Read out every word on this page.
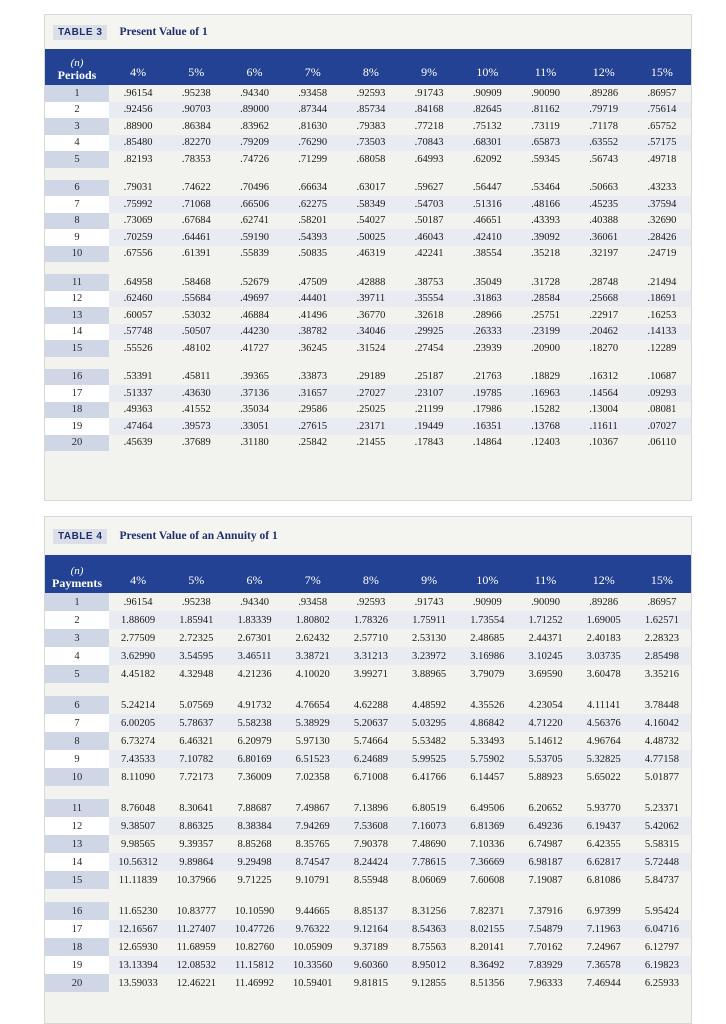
TABLE 3	Present Value of 1
(n)
Periods	4%	5%	6%	7%	8%	9%	10%	11%	12%	15%
1	.96154	.95238	.94340	.93458	.92593	.91743	.90909	.90090	.89286	.86957
2	.92456	.90703	.89000	.87344	.85734	.84168	.82645	.81162	.79719	.75614
3	.88900	.86384	.83962	.81630	.79383	.77218	.75132	.73119	.71178	.65752
4	.85480	.82270	.79209	.76290	.73503	.70843	.68301	.65873	.63552	.57175
5	.82193	.78353	.74726	.71299	.68058	.64993	.62092	.59345	.56743	.49718
6	.79031	.74622	.70496	.66634	.63017	.59627	.56447	.53464	.50663	.43233
7	.75992	.71068	.66506	.62275	.58349	.54703	.51316	.48166	.45235	.37594
8	.73069	.67684	.62741	.58201	.54027	.50187	.46651	.43393	.40388	.32690
9	.70259	.64461	.59190	.54393	.50025	.46043	.42410	.39092	.36061	.28426
10	.67556	.61391	.55839	.50835	.46319	.42241	.38554	.35218	.32197	.24719
11	.64958	.58468	.52679	.47509	.42888	.38753	.35049	.31728	.28748	.21494
12	.62460	.55684	.49697	.44401	.39711	.35554	.31863	.28584	.25668	.18691
13	.60057	.53032	.46884	.41496	.36770	.32618	.28966	.25751	.22917	.16253
14	.57748	.50507	.44230	.38782	.34046	.29925	.26333	.23199	.20462	.14133
15	.55526	.48102	.41727	.36245	.31524	.27454	.23939	.20900	.18270	.12289
16	.53391	.45811	.39365	.33873	.29189	.25187	.21763	.18829	.16312	.10687
17	.51337	.43630	.37136	.31657	.27027	.23107	.19785	.16963	.14564	.09293
18	.49363	.41552	.35034	.29586	.25025	.21199	.17986	.15282	.13004	.08081
19	.47464	.39573	.33051	.27615	.23171	.19449	.16351	.13768	.11611	.07027
20	.45639	.37689	.31180	.25842	.21455	.17843	.14864	.12403	.10367	.06110
TABLE 4	Present Value of an Annuity of 1
(n)
Payments	4%	5%	6%	7%	8%	9%	10%	11%	12%	15%
1	.96154	.95238	.94340	.93458	.92593	.91743	.90909	.90090	.89286	.86957
2	1.88609	1.85941	1.83339	1.80802	1.78326	1.75911	1.73554	1.71252	1.69005	1.62571
3	2.77509	2.72325	2.67301	2.62432	2.57710	2.53130	2.48685	2.44371	2.40183	2.28323
4	3.62990	3.54595	3.46511	3.38721	3.31213	3.23972	3.16986	3.10245	3.03735	2.85498
5	4.45182	4.32948	4.21236	4.10020	3.99271	3.88965	3.79079	3.69590	3.60478	3.35216
6	5.24214	5.07569	4.91732	4.76654	4.62288	4.48592	4.35526	4.23054	4.11141	3.78448
7	6.00205	5.78637	5.58238	5.38929	5.20637	5.03295	4.86842	4.71220	4.56376	4.16042
8	6.73274	6.46321	6.20979	5.97130	5.74664	5.53482	5.33493	5.14612	4.96764	4.48732
9	7.43533	7.10782	6.80169	6.51523	6.24689	5.99525	5.75902	5.53705	5.32825	4.77158
10	8.11090	7.72173	7.36009	7.02358	6.71008	6.41766	6.14457	5.88923	5.65022	5.01877
11	8.76048	8.30641	7.88687	7.49867	7.13896	6.80519	6.49506	6.20652	5.93770	5.23371
12	9.38507	8.86325	8.38384	7.94269	7.53608	7.16073	6.81369	6.49236	6.19437	5.42062
13	9.98565	9.39357	8.85268	8.35765	7.90378	7.48690	7.10336	6.74987	6.42355	5.58315
14	10.56312	9.89864	9.29498	8.74547	8.24424	7.78615	7.36669	6.98187	6.62817	5.72448
15	11.11839	10.37966	9.71225	9.10791	8.55948	8.06069	7.60608	7.19087	6.81086	5.84737
16	11.65230	10.83777	10.10590	9.44665	8.85137	8.31256	7.82371	7.37916	6.97399	5.95424
17	12.16567	11.27407	10.47726	9.76322	9.12164	8.54363	8.02155	7.54879	7.11963	6.04716
18	12.65930	11.68959	10.82760	10.05909	9.37189	8.75563	8.20141	7.70162	7.24967	6.12797
19	13.13394	12.08532	11.15812	10.33560	9.60360	8.95012	8.36492	7.83929	7.36578	6.19823
20	13.59033	12.46221	11.46992	10.59401	9.81815	9.12855	8.51356	7.96333	7.46944	6.25933
